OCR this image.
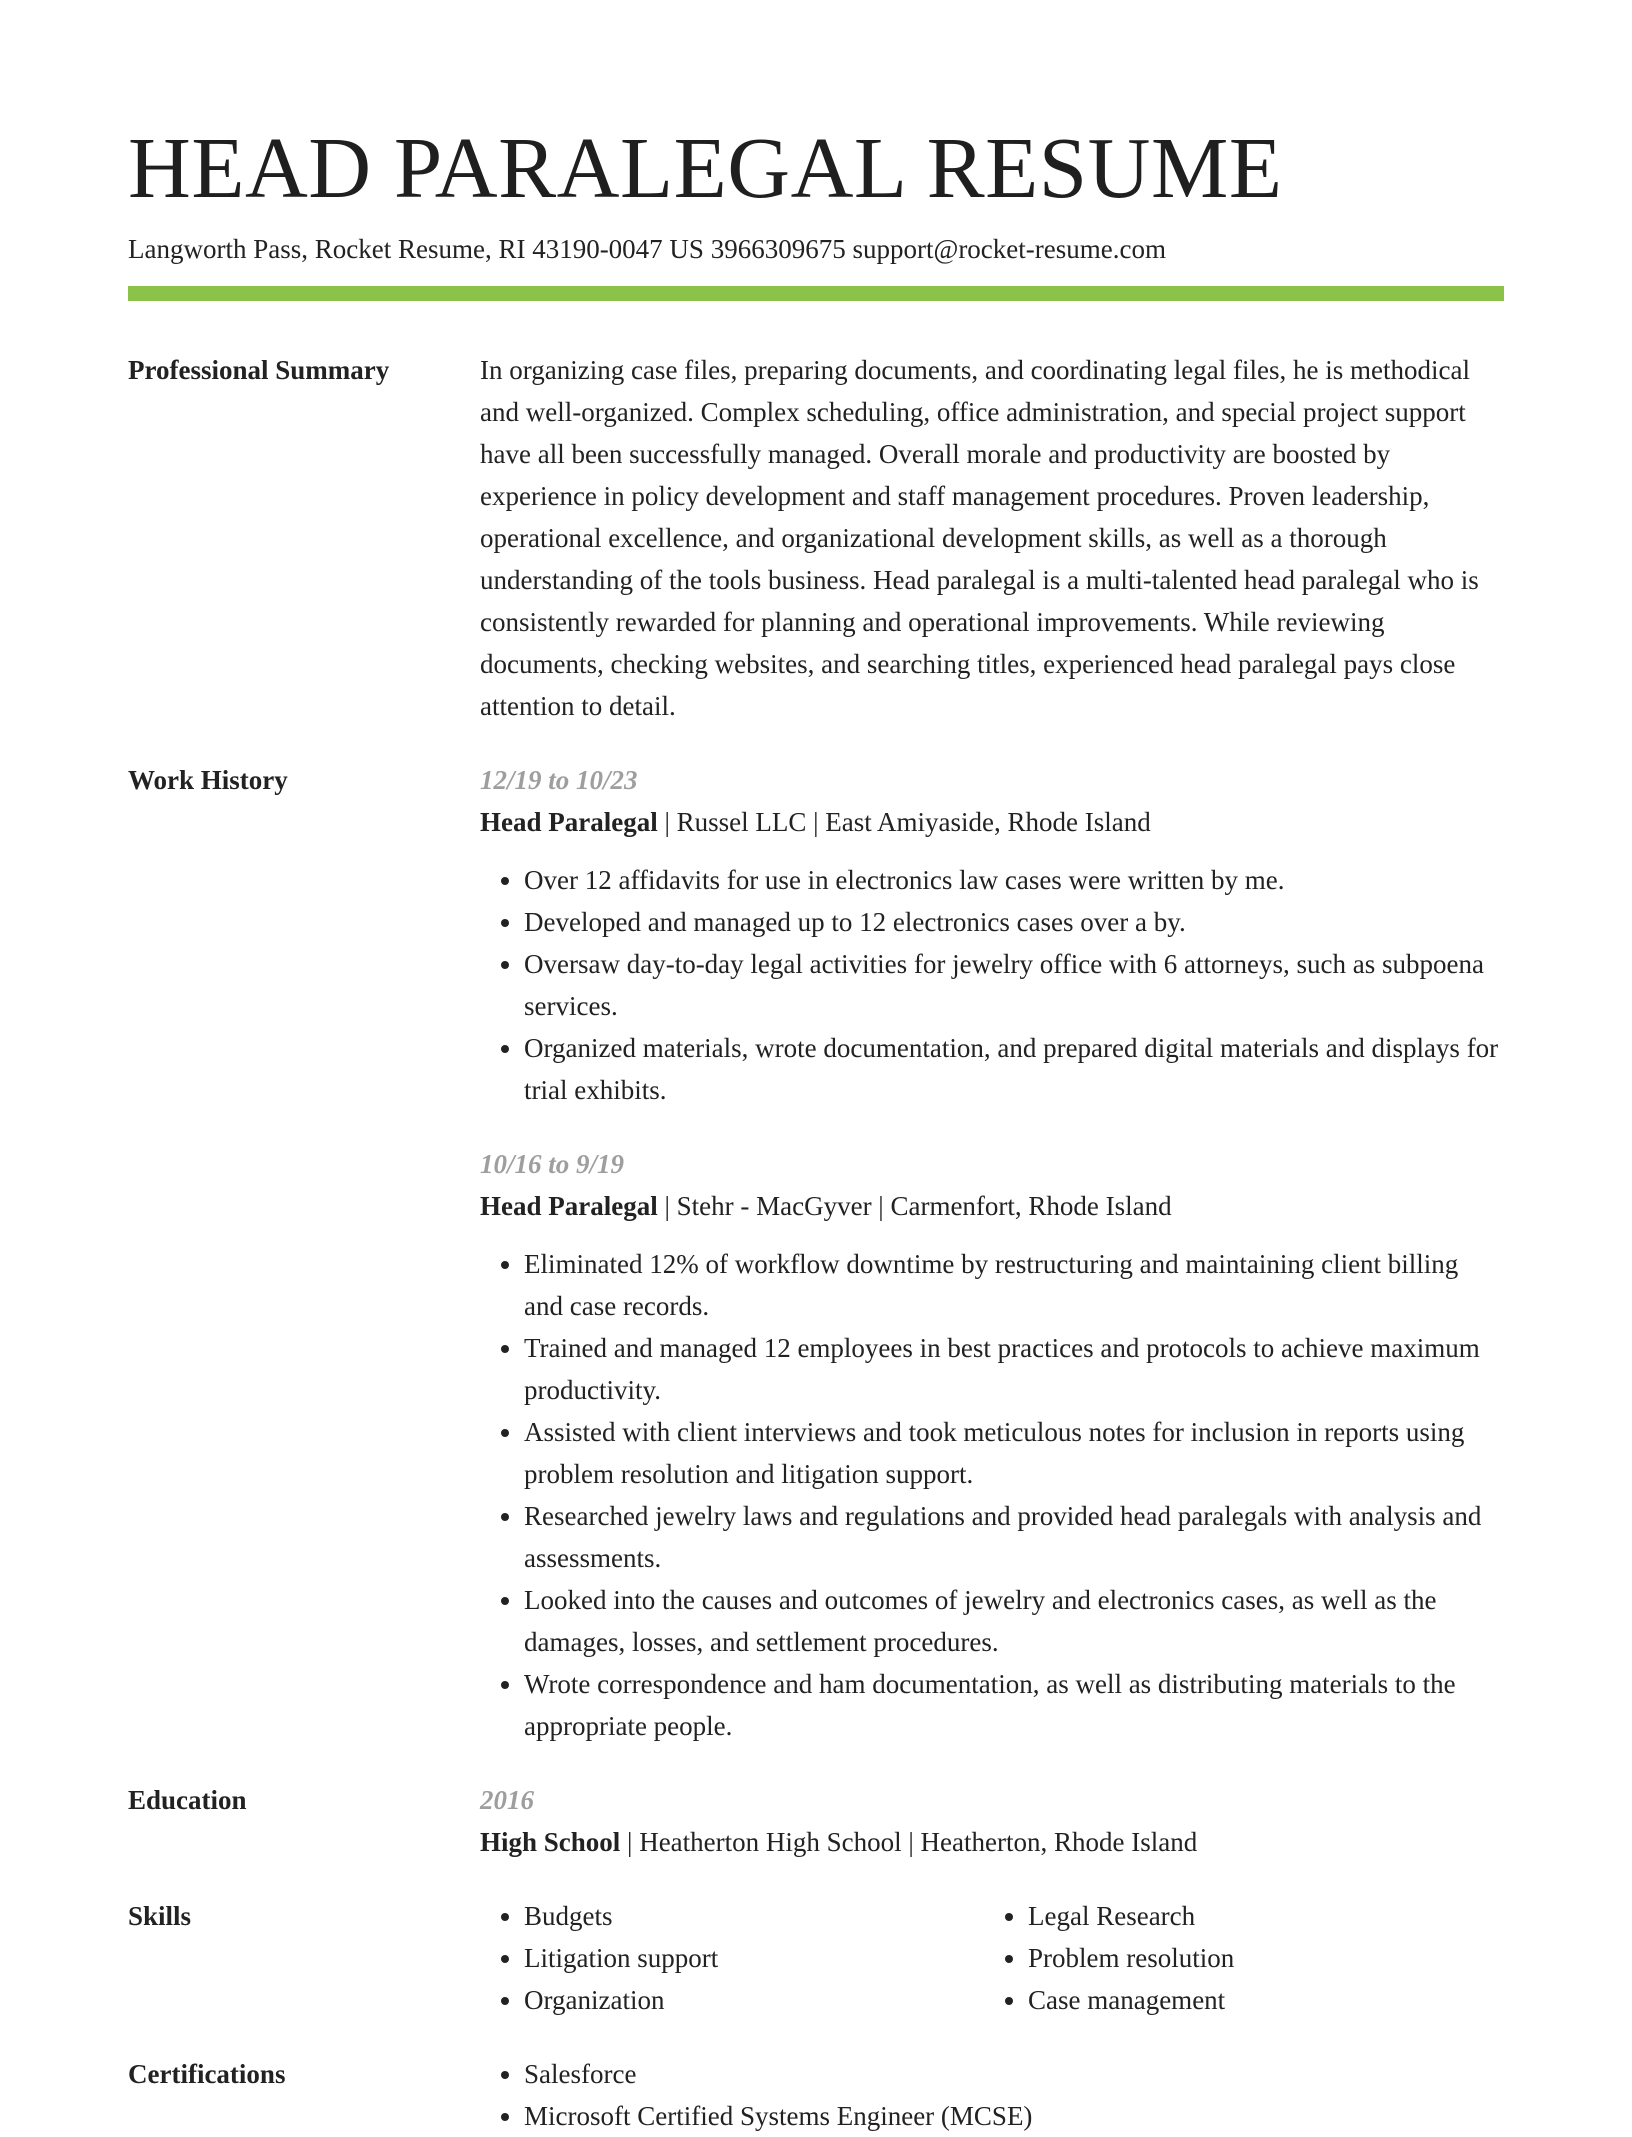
HEAD PARALEGAL RESUME
Langworth Pass, Rocket Resume, RI 43190-0047 US 3966309675 support@rocket-resume.com
Professional Summary	In organizing case files, preparing documents, and coordinating legal files, he is methodical and well-organized. Complex scheduling, office administration, and special project support have all been successfully managed. Overall morale and productivity are boosted by experience in policy development and staff management procedures. Proven leadership, operational excellence, and organizational development skills, as well as a thorough understanding of the tools business. Head paralegal is a multi-talented head paralegal who is consistently rewarded for planning and operational improvements. While reviewing documents, checking websites, and searching titles, experienced head paralegal pays close attention to detail.
Work History	12/19 to 10/23
Head Paralegal | Russel LLC | East Amiyaside, Rhode Island
• Over 12 affidavits for use in electronics law cases were written by me.
• Developed and managed up to 12 electronics cases over a by.
• Oversaw day-to-day legal activities for jewelry office with 6 attorneys, such as subpoena services.
• Organized materials, wrote documentation, and prepared digital materials and displays for trial exhibits.
10/16 to 9/19
Head Paralegal | Stehr - MacGyver | Carmenfort, Rhode Island
• Eliminated 12% of workflow downtime by restructuring and maintaining client billing and case records.
• Trained and managed 12 employees in best practices and protocols to achieve maximum productivity.
• Assisted with client interviews and took meticulous notes for inclusion in reports using problem resolution and litigation support.
• Researched jewelry laws and regulations and provided head paralegals with analysis and assessments.
• Looked into the causes and outcomes of jewelry and electronics cases, as well as the damages, losses, and settlement procedures.
• Wrote correspondence and ham documentation, as well as distributing materials to the appropriate people.
Education	2016
High School | Heatherton High School | Heatherton, Rhode Island
Skills	• Budgets
• Litigation support
• Organization
• Legal Research
• Problem resolution
• Case management
Certifications	• Salesforce
• Microsoft Certified Systems Engineer (MCSE)
